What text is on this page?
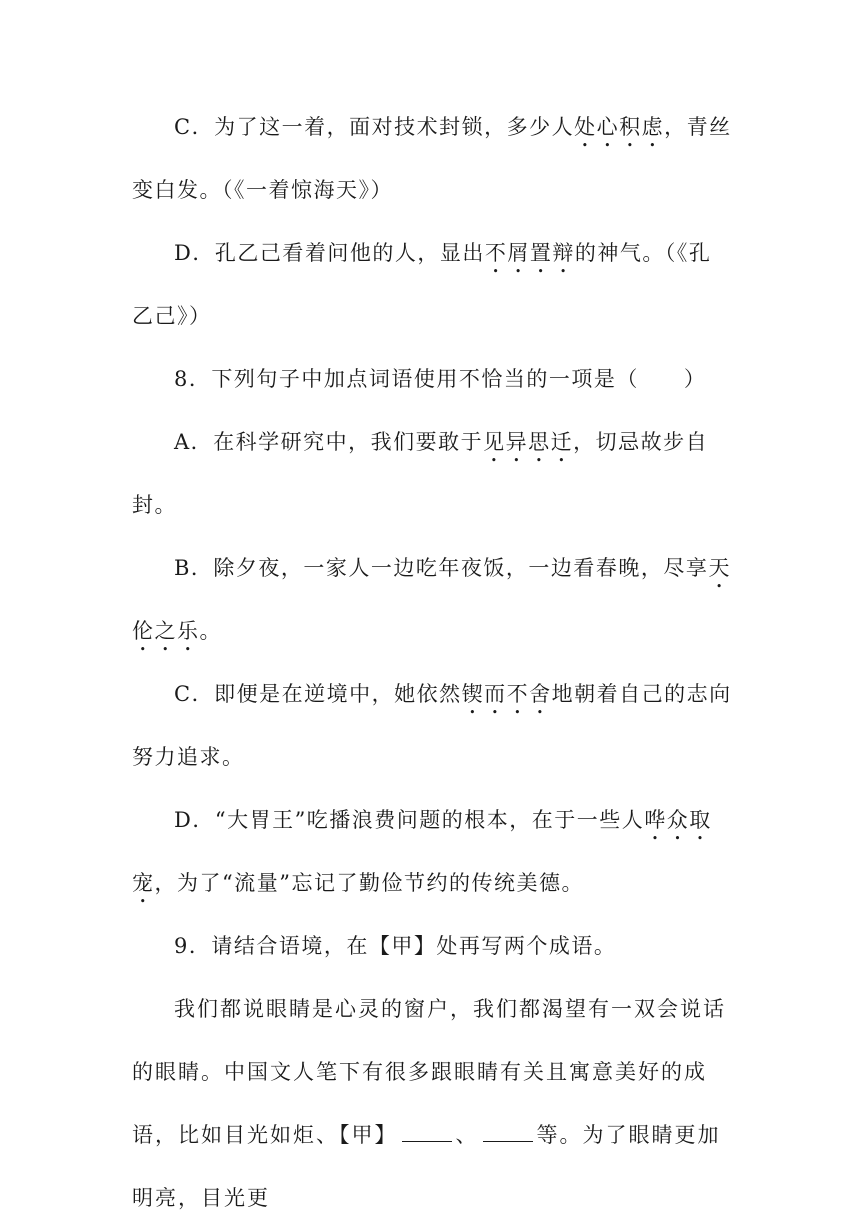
C．为了这一着，面对技术封锁，多少人处心积虑，青丝变白发。（《一着惊海天》）

D．孔乙己看着问他的人，显出不屑置辩的神气。（《孔乙己》）

8．下列句子中加点词语使用不恰当的一项是（　　）

A．在科学研究中，我们要敢于见异思迁，切忌故步自封。

B．除夕夜，一家人一边吃年夜饭，一边看春晚，尽享天伦之乐。

C．即便是在逆境中，她依然锲而不舍地朝着自己的志向努力追求。

D．“大胃王”吃播浪费问题的根本，在于一些人哗众取宠，为了“流量”忘记了勤俭节约的传统美德。

9．请结合语境，在【甲】处再写两个成语。

我们都说眼睛是心灵的窗户，我们都渴望有一双会说话的眼睛。中国文人笔下有很多跟眼睛有关且寓意美好的成语，比如目光如炬、【甲】	、	等。为了眼睛更加明亮，目光更
